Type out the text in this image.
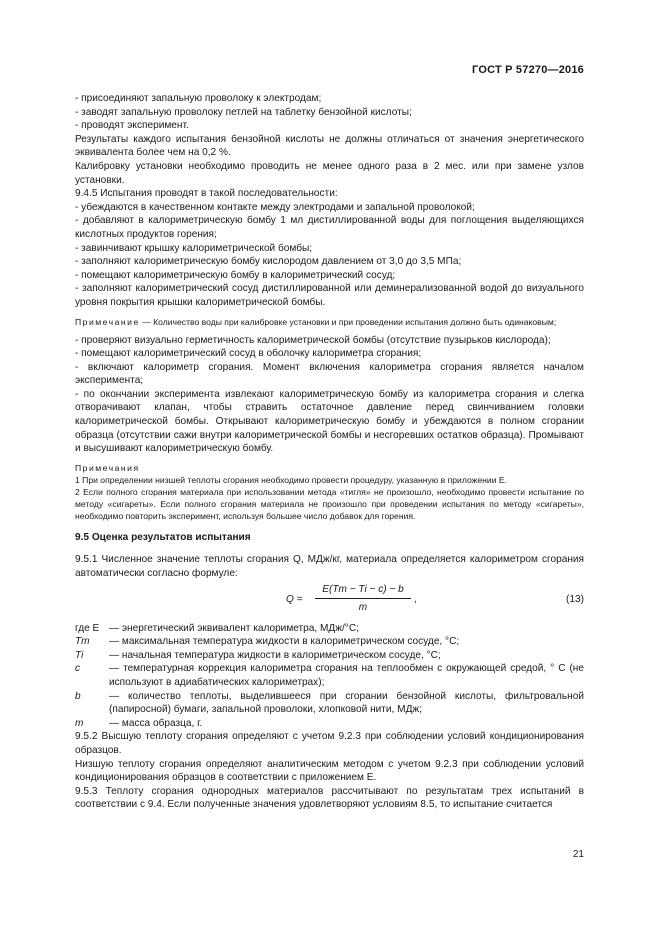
ГОСТ Р 57270—2016

- присоединяют запальную проволоку к электродам;

- заводят запальную проволоку петлей на таблетку бензойной кислоты;

- проводят эксперимент.

Результаты каждого испытания бензойной кислоты не должны отличаться от значения энергетического эквивалента более чем на 0,2 %.

Калибровку установки необходимо проводить не менее одного раза в 2 мес. или при замене узлов установки.

9.4.5 Испытания проводят в такой последовательности:

- убеждаются в качественном контакте между электродами и запальной проволокой;

- добавляют в калориметрическую бомбу 1 мл дистиллированной воды для поглощения выделяющихся кислотных продуктов горения;

- завинчивают крышку калориметрической бомбы;

- заполняют калориметрическую бомбу кислородом давлением от 3,0 до 3,5 МПа;

- помещают калориметрическую бомбу в калориметрический сосуд;

- заполняют калориметрический сосуд дистиллированной или деминерализованной водой до визуального уровня покрытия крышки калориметрической бомбы.

Примечание — Количество воды при калибровке установки и при проведении испытания должно быть одинаковым;

- проверяют визуально герметичность калориметрической бомбы (отсутствие пузырьков кислорода);

- помещают калориметрический сосуд в оболочку калориметра сгорания;

- включают калориметр сгорания. Момент включения калориметра сгорания является началом эксперимента;

- по окончании эксперимента извлекают калориметрическую бомбу из калориметра сгорания и слегка отворачивают клапан, чтобы стравить остаточное давление перед свинчиванием головки калориметрической бомбы. Открывают калориметрическую бомбу и убеждаются в полном сгорании образца (отсутствии сажи внутри калориметрической бомбы и несгоревших остатков образца). Промывают и высушивают калориметрическую бомбу.

Примечания

1 При определении низшей теплоты сгорания необходимо провести процедуру, указанную в приложении Е.

2 Если полного сгорания материала при использовании метода «тигля» не произошло, необходимо провести испытание по методу «сигареты». Если полного сгорания материала не произошло при проведении испытания по методу «сигареты», необходимо повторить эксперимент, используя большее число добавок для горения.

9.5 Оценка результатов испытания

9.5.1 Численное значение теплоты сгорания Q, МДж/кг, материала определяется калориметром сгорания автоматически согласно формуле:

Q =
E(Tm − Ti − c) − b
m
,	(13)
где E — энергетический эквивалент калориметра, МДж/°С;
Tm	— максимальная температура жидкости в калориметрическом сосуде, °С;
Ti	— начальная температура жидкости в калориметрическом сосуде, °С;
c	— температурная коррекция калориметра сгорания на теплообмен с окружающей средой, ° С (не используют в адиабатических калориметрах);
b	— количество теплоты, выделившееся при сгорании бензойной кислоты, фильтровальной (папиросной) бумаги, запальной проволоки, хлопковой нити, МДж;
m	— масса образца, г.

9.5.2 Высшую теплоту сгорания определяют с учетом 9.2.3 при соблюдении условий кондиционирования образцов.

Низшую теплоту сгорания определяют аналитическим методом с учетом 9.2.3 при соблюдении условий кондиционирования образцов в соответствии с приложением Е.

9.5.3 Теплоту сгорания однородных материалов рассчитывают по результатам трех испытаний в соответствии с 9.4. Если полученные значения удовлетворяют условиям 8.5, то испытание считается

21
